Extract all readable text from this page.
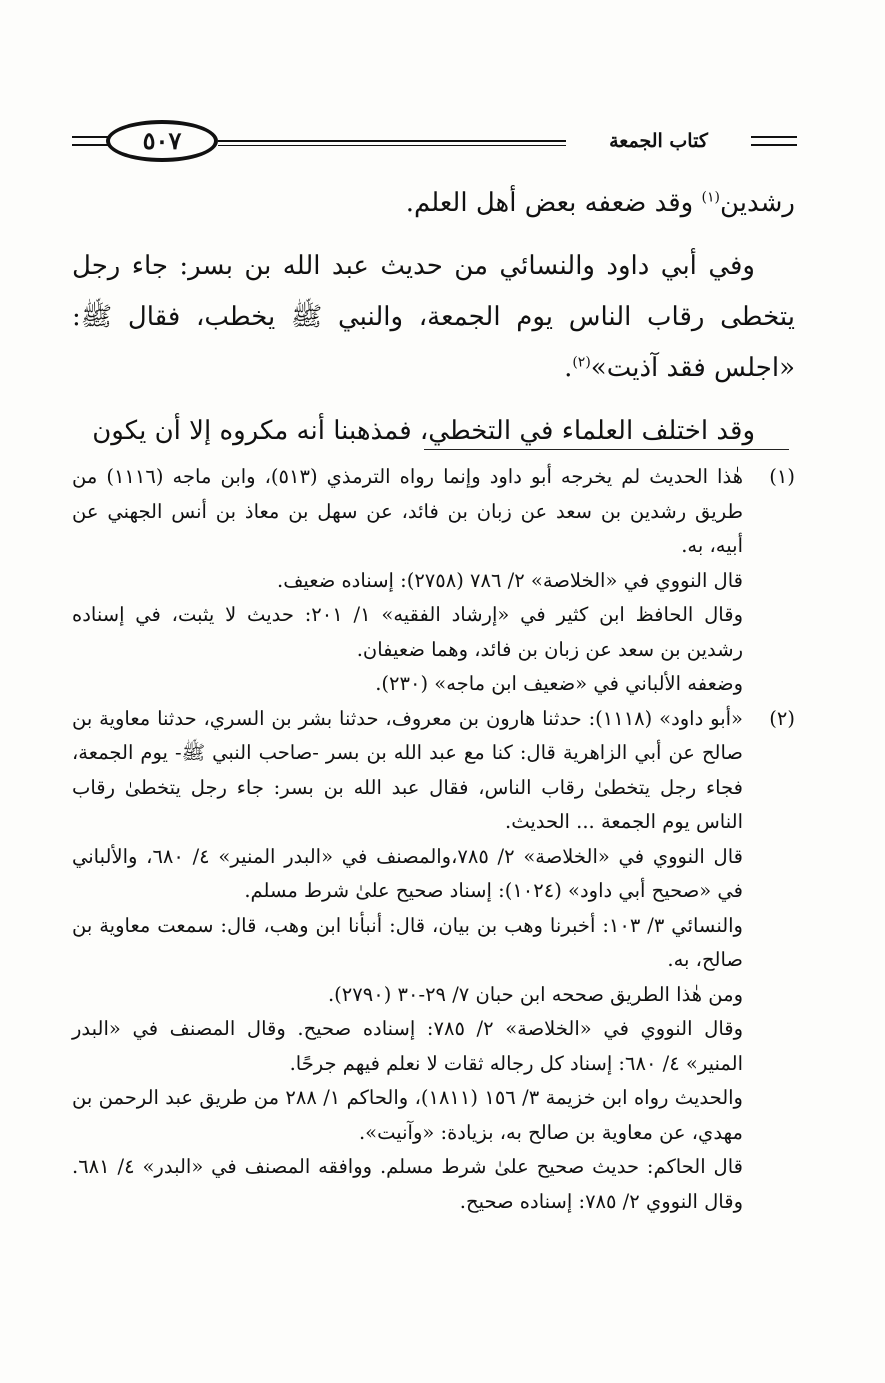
كتاب الجمعة
٥٠٧

رشدين$^{(١)}$ وقد ضعفه بعض أهل العلم.

وفي أبي داود والنسائي من حديث عبد الله بن بسر: جاء رجل يتخطى رقاب الناس يوم الجمعة، والنبي ﷺ يخطب، فقال ﷺ: «اجلس فقد آذيت»$^{(٢)}$.

وقد اختلف العلماء في التخطي، فمذهبنا أنه مكروه إلا أن يكون

(١)

هٰذا الحديث لم يخرجه أبو داود وإنما رواه الترمذي (٥١٣)، وابن ماجه (١١١٦) من طريق رشدين بن سعد عن زبان بن فائد، عن سهل بن معاذ بن أنس الجهني عن أبيه، به.

قال النووي في «الخلاصة» ٢/ ٧٨٦ (٢٧٥٨): إسناده ضعيف.

وقال الحافظ ابن كثير في «إرشاد الفقيه» ١/ ٢٠١: حديث لا يثبت، في إسناده رشدين بن سعد عن زبان بن فائد، وهما ضعيفان.

وضعفه الألباني في «ضعيف ابن ماجه» (٢٣٠).

(٢)

«أبو داود» (١١١٨): حدثنا هارون بن معروف، حدثنا بشر بن السري، حدثنا معاوية بن صالح عن أبي الزاهرية قال: كنا مع عبد الله بن بسر -صاحب النبي ﷺ- يوم الجمعة، فجاء رجل يتخطىٰ رقاب الناس، فقال عبد الله بن بسر: جاء رجل يتخطىٰ رقاب الناس يوم الجمعة ... الحديث.

قال النووي في «الخلاصة» ٢/ ٧٨٥،والمصنف في «البدر المنير» ٤/ ٦٨٠، والألباني في «صحيح أبي داود» (١٠٢٤): إسناد صحيح علىٰ شرط مسلم.

والنسائي ٣/ ١٠٣: أخبرنا وهب بن بيان، قال: أنبأنا ابن وهب، قال: سمعت معاوية بن صالح، به.

ومن هٰذا الطريق صححه ابن حبان ٧/ ٢٩-٣٠ (٢٧٩٠).

وقال النووي في «الخلاصة» ٢/ ٧٨٥: إسناده صحيح. وقال المصنف في «البدر المنير» ٤/ ٦٨٠: إسناد كل رجاله ثقات لا نعلم فيهم جرحًا.

والحديث رواه ابن خزيمة ٣/ ١٥٦ (١٨١١)، والحاكم ١/ ٢٨٨ من طريق عبد الرحمن بن مهدي، عن معاوية بن صالح به، بزيادة: «وآنيت».

قال الحاكم: حديث صحيح علىٰ شرط مسلم. ووافقه المصنف في «البدر» ٤/ ٦٨١. وقال النووي ٢/ ٧٨٥: إسناده صحيح.
